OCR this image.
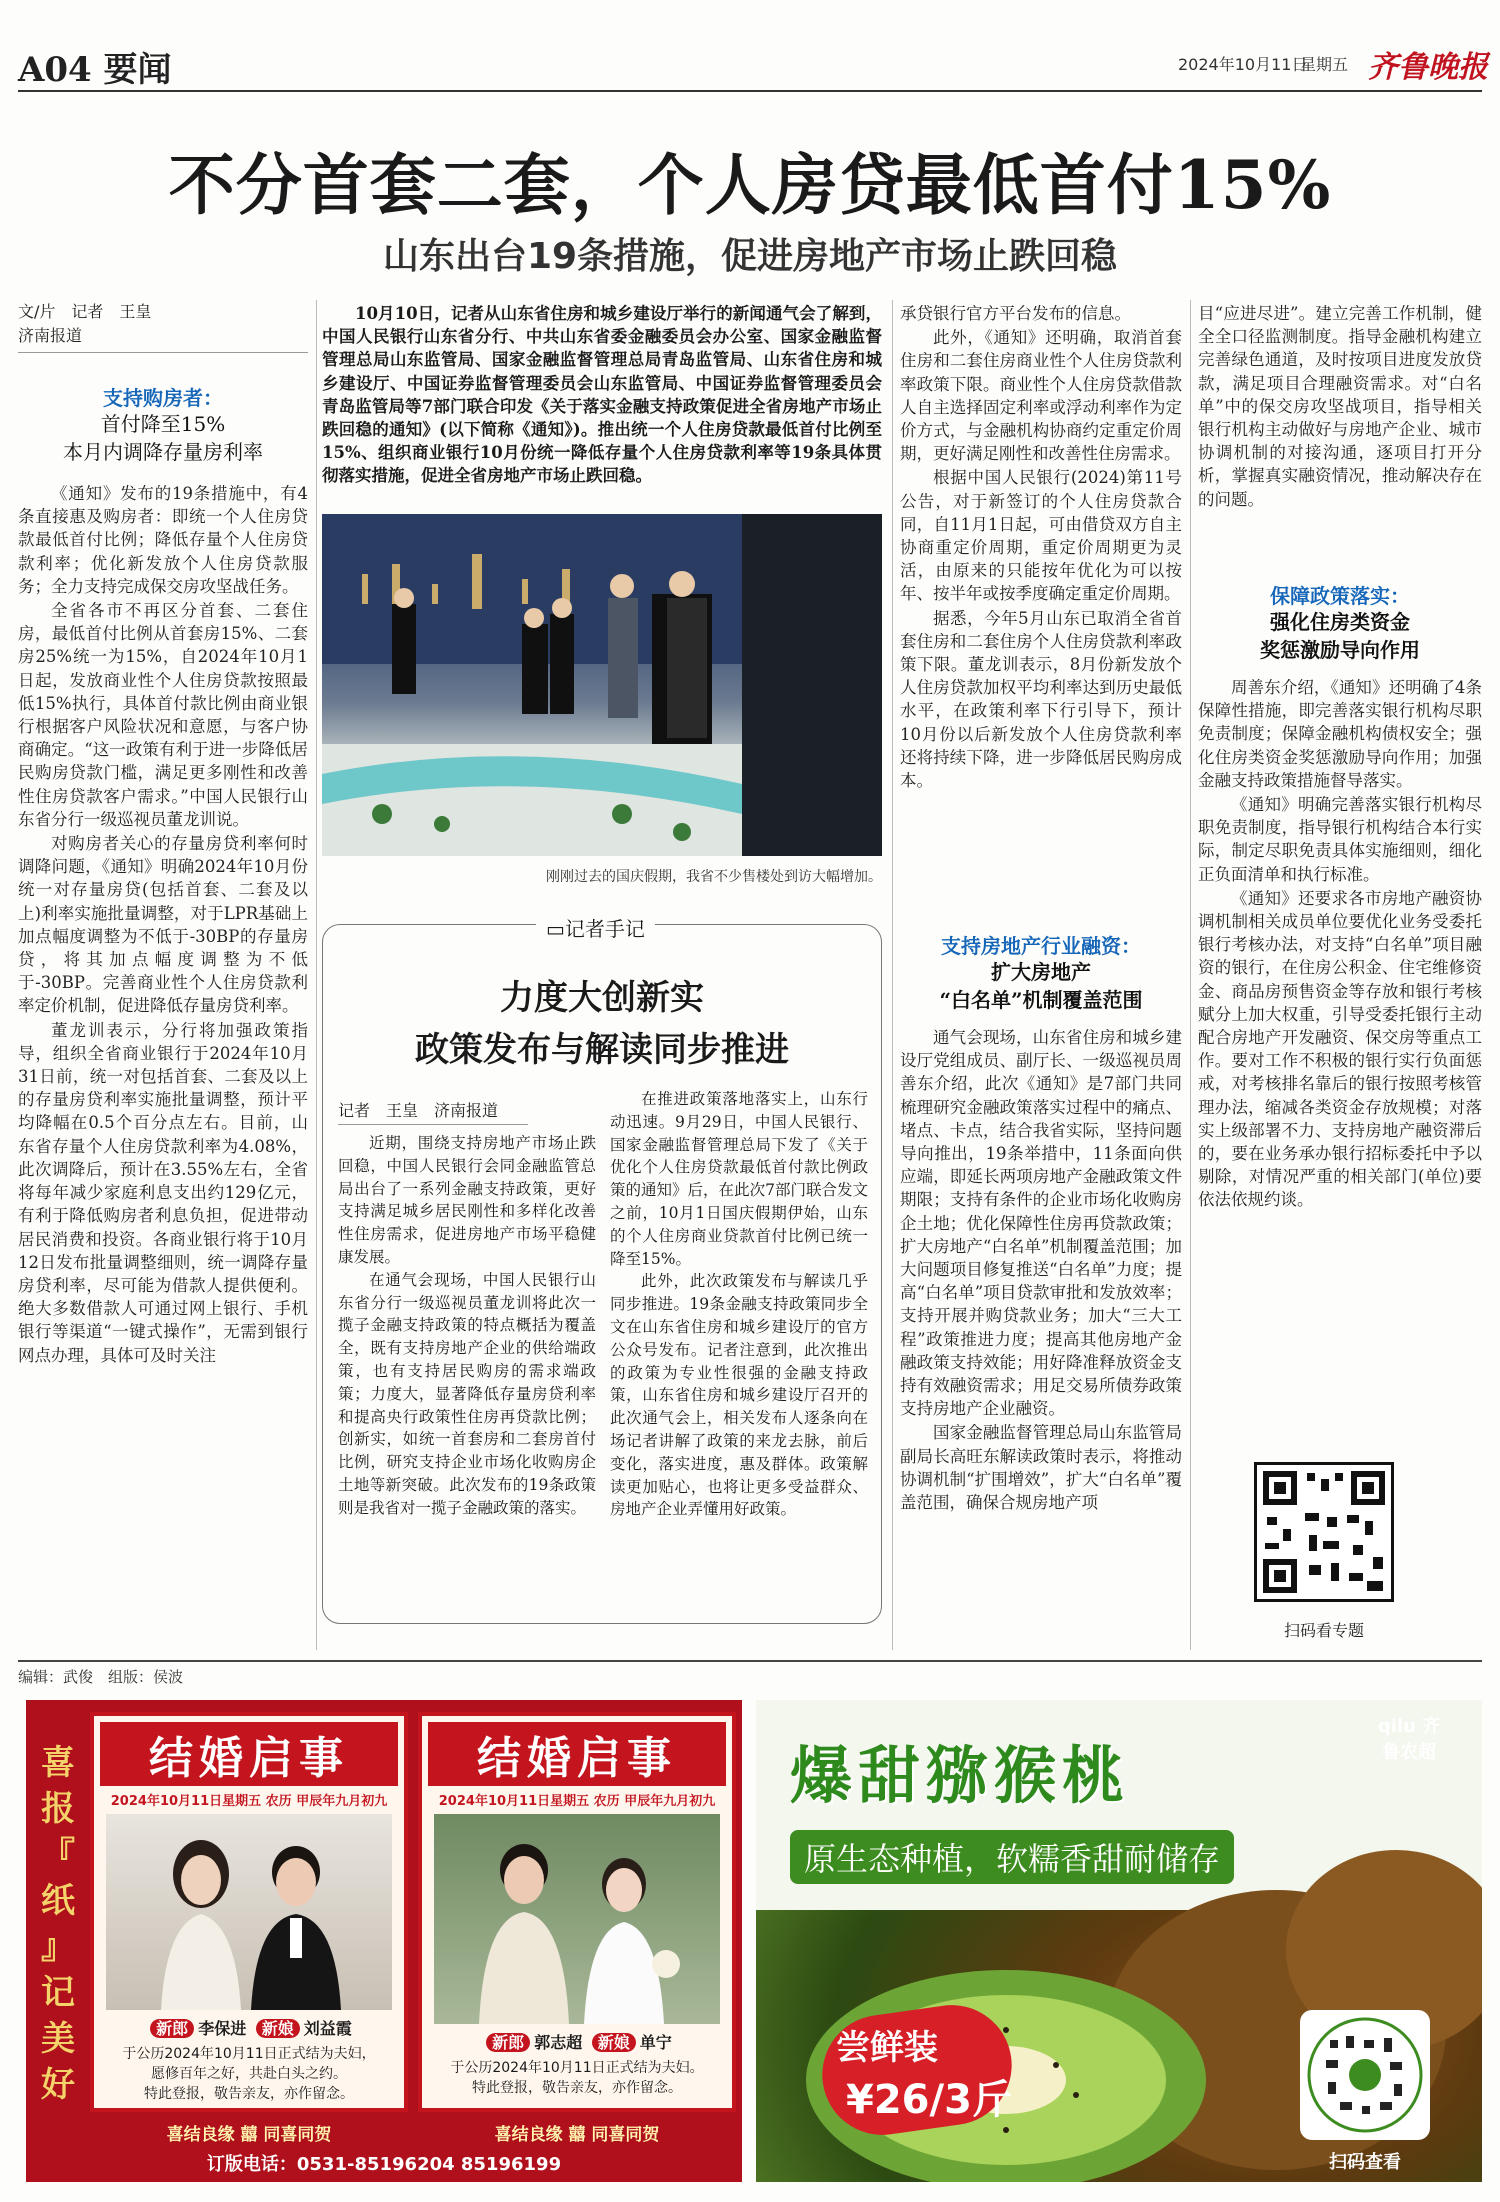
A04 要闻	2024年10月11日
星期五 齐鲁晚报
不分首套二套，个人房贷最低首付15%
山东出台19条措施，促进房地产市场止跌回稳
文/片　记者　王皇
济南报道
支持购房者：
首付降至15%
本月内调降存量房利率

《通知》发布的19条措施中，有4条直接惠及购房者：即统一个人住房贷款最低首付比例；降低存量个人住房贷款利率；优化新发放个人住房贷款服务；全力支持完成保交房攻坚战任务。

全省各市不再区分首套、二套住房，最低首付比例从首套房15%、二套房25%统一为15%，自2024年10月1日起，发放商业性个人住房贷款按照最低15%执行，具体首付款比例由商业银行根据客户风险状况和意愿，与客户协商确定。“这一政策有利于进一步降低居民购房贷款门槛，满足更多刚性和改善性住房贷款客户需求。”中国人民银行山东省分行一级巡视员董龙训说。

对购房者关心的存量房贷利率何时调降问题，《通知》明确2024年10月份统一对存量房贷(包括首套、二套及以上)利率实施批量调整，对于LPR基础上加点幅度调整为不低于-30BP的存量房贷，将其加点幅度调整为不低于-30BP。完善商业性个人住房贷款利率定价机制，促进降低存量房贷利率。

董龙训表示，分行将加强政策指导，组织全省商业银行于2024年10月31日前，统一对包括首套、二套及以上的存量房贷利率实施批量调整，预计平均降幅在0.5个百分点左右。目前，山东省存量个人住房贷款利率为4.08%，此次调降后，预计在3.55%左右，全省将每年减少家庭利息支出约129亿元，有利于降低购房者利息负担，促进带动居民消费和投资。各商业银行将于10月12日发布批量调整细则，统一调降存量房贷利率，尽可能为借款人提供便利。绝大多数借款人可通过网上银行、手机银行等渠道“一键式操作”，无需到银行网点办理，具体可及时关注

10月10日，记者从山东省住房和城乡建设厅举行的新闻通气会了解到，中国人民银行山东省分行、中共山东省委金融委员会办公室、国家金融监督管理总局山东监管局、国家金融监督管理总局青岛监管局、山东省住房和城乡建设厅、中国证券监督管理委员会山东监管局、中国证券监督管理委员会青岛监管局等7部门联合印发《关于落实金融支持政策促进全省房地产市场止跌回稳的通知》(以下简称《通知》)。推出统一个人住房贷款最低首付比例至15%、组织商业银行10月份统一降低存量个人住房贷款利率等19条具体贯彻落实措施，促进全省房地产市场止跌回稳。

刚刚过去的国庆假期，我省不少售楼处到访大幅增加。
▭记者手记
力度大创新实
政策发布与解读同步推进
记者　王皇　济南报道

近期，围绕支持房地产市场止跌回稳，中国人民银行会同金融监管总局出台了一系列金融支持政策，更好支持满足城乡居民刚性和多样化改善性住房需求，促进房地产市场平稳健康发展。

在通气会现场，中国人民银行山东省分行一级巡视员董龙训将此次一揽子金融支持政策的特点概括为覆盖全，既有支持房地产企业的供给端政策，也有支持居民购房的需求端政策；力度大，显著降低存量房贷利率和提高央行政策性住房再贷款比例；创新实，如统一首套房和二套房首付比例，研究支持企业市场化收购房企土地等新突破。此次发布的19条政策则是我省对一揽子金融政策的落实。

在推进政策落地落实上，山东行动迅速。9月29日，中国人民银行、国家金融监督管理总局下发了《关于优化个人住房贷款最低首付款比例政策的通知》后，在此次7部门联合发文之前，10月1日国庆假期伊始，山东的个人住房商业贷款首付比例已统一降至15%。

此外，此次政策发布与解读几乎同步推进。19条金融支持政策同步全文在山东省住房和城乡建设厅的官方公众号发布。记者注意到，此次推出的政策为专业性很强的金融支持政策，山东省住房和城乡建设厅召开的此次通气会上，相关发布人逐条向在场记者讲解了政策的来龙去脉，前后变化，落实进度，惠及群体。政策解读更加贴心，也将让更多受益群众、房地产企业弄懂用好政策。

承贷银行官方平台发布的信息。

此外，《通知》还明确，取消首套住房和二套住房商业性个人住房贷款利率政策下限。商业性个人住房贷款借款人自主选择固定利率或浮动利率作为定价方式，与金融机构协商约定重定价周期，更好满足刚性和改善性住房需求。

根据中国人民银行(2024)第11号公告，对于新签订的个人住房贷款合同，自11月1日起，可由借贷双方自主协商重定价周期，重定价周期更为灵活，由原来的只能按年优化为可以按年、按半年或按季度确定重定价周期。

据悉，今年5月山东已取消全省首套住房和二套住房个人住房贷款利率政策下限。董龙训表示，8月份新发放个人住房贷款加权平均利率达到历史最低水平，在政策利率下行引导下，预计10月份以后新发放个人住房贷款利率还将持续下降，进一步降低居民购房成本。

支持房地产行业融资：
扩大房地产
“白名单”机制覆盖范围

通气会现场，山东省住房和城乡建设厅党组成员、副厅长、一级巡视员周善东介绍，此次《通知》是7部门共同梳理研究金融政策落实过程中的痛点、堵点、卡点，结合我省实际，坚持问题导向推出，19条举措中，11条面向供应端，即延长两项房地产金融政策文件期限；支持有条件的企业市场化收购房企土地；优化保障性住房再贷款政策；扩大房地产“白名单”机制覆盖范围；加大问题项目修复推送“白名单”力度；提高“白名单”项目贷款审批和发放效率；支持开展并购贷款业务；加大“三大工程”政策推进力度；提高其他房地产金融政策支持效能；用好降准释放资金支持有效融资需求；用足交易所债券政策支持房地产企业融资。

国家金融监督管理总局山东监管局副局长高旺东解读政策时表示，将推动协调机制“扩围增效”，扩大“白名单”覆盖范围，确保合规房地产项

目“应进尽进”。建立完善工作机制，健全全口径监测制度。指导金融机构建立完善绿色通道，及时按项目进度发放贷款，满足项目合理融资需求。对“白名单”中的保交房攻坚战项目，指导相关银行机构主动做好与房地产企业、城市协调机制的对接沟通，逐项目打开分析，掌握真实融资情况，推动解决存在的问题。

保障政策落实：
强化住房类资金
奖惩激励导向作用

周善东介绍，《通知》还明确了4条保障性措施，即完善落实银行机构尽职免责制度；保障金融机构债权安全；强化住房类资金奖惩激励导向作用；加强金融支持政策措施督导落实。

《通知》明确完善落实银行机构尽职免责制度，指导银行机构结合本行实际，制定尽职免责具体实施细则，细化正负面清单和执行标准。

《通知》还要求各市房地产融资协调机制相关成员单位要优化业务受委托银行考核办法，对支持“白名单”项目融资的银行，在住房公积金、住宅维修资金、商品房预售资金等存放和银行考核赋分上加大权重，引导受委托银行主动配合房地产开发融资、保交房等重点工作。要对工作不积极的银行实行负面惩戒，对考核排名靠后的银行按照考核管理办法，缩减各类资金存放规模；对落实上级部署不力、支持房地产融资滞后的，要在业务承办银行招标委托中予以剔除，对情况严重的相关部门(单位)要依法依规约谈。

扫码看专题
编辑：武俊　组版：侯波
喜
报
『
纸
』
记
美
好
结婚启事
2024年10月11日星期五 农历 甲辰年九月初九
新郎 李保进 新娘 刘益霞
于公历2024年10月11日正式结为夫妇，
愿修百年之好，共赴白头之约。
特此登报，敬告亲友，亦作留念。
喜结良缘 囍 同喜同贺
结婚启事
2024年10月11日星期五 农历 甲辰年九月初九
新郎 郭志超 新娘 单宁
于公历2024年10月11日正式结为夫妇。
特此登报，敬告亲友，亦作留念。
喜结良缘 囍 同喜同贺
订版电话：0531-85196204 85196199
qilu 齐鲁农超
爆甜猕猴桃
原生态种植，软糯香甜耐储存
尝鲜装
¥26/3斤
扫码查看
